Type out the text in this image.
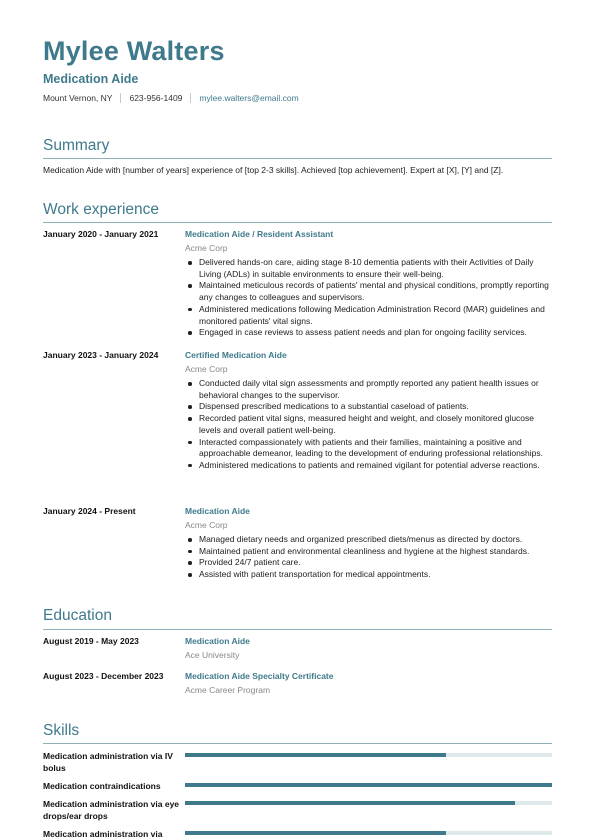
Mylee Walters
Medication Aide
Mount Vernon, NY 623-956-1409 mylee.walters@email.com
Summary
Medication Aide with [number of years] experience of [top 2-3 skills]. Achieved [top achievement]. Expert at [X], [Y] and [Z].
Work experience
January 2020 - January 2021	Medication Aide / Resident Assistant
Acme Corp
Delivered hands-on care, aiding stage 8-10 dementia patients with their Activities of Daily Living (ADLs) in suitable environments to ensure their well-being.
Maintained meticulous records of patients' mental and physical conditions, promptly reporting any changes to colleagues and supervisors.
Administered medications following Medication Administration Record (MAR) guidelines and monitored patients' vital signs.
Engaged in case reviews to assess patient needs and plan for ongoing facility services.
January 2023 - January 2024	Certified Medication Aide
Acme Corp
Conducted daily vital sign assessments and promptly reported any patient health issues or behavioral changes to the supervisor.
Dispensed prescribed medications to a substantial caseload of patients.
Recorded patient vital signs, measured height and weight, and closely monitored glucose levels and overall patient well-being.
Interacted compassionately with patients and their families, maintaining a positive and approachable demeanor, leading to the development of enduring professional relationships.
Administered medications to patients and remained vigilant for potential adverse reactions.
January 2024 - Present	Medication Aide
Acme Corp
Managed dietary needs and organized prescribed diets/menus as directed by doctors.
Maintained patient and environmental cleanliness and hygiene at the highest standards.
Provided 24/7 patient care.
Assisted with patient transportation for medical appointments.
Education
August 2019 - May 2023	Medication Aide
Ace University
August 2023 - December 2023	Medication Aide Specialty Certificate
Acme Career Program
Skills
Medication administration via IV bolus
Medication contraindications
Medication administration via eye drops/ear drops
Medication administration via
